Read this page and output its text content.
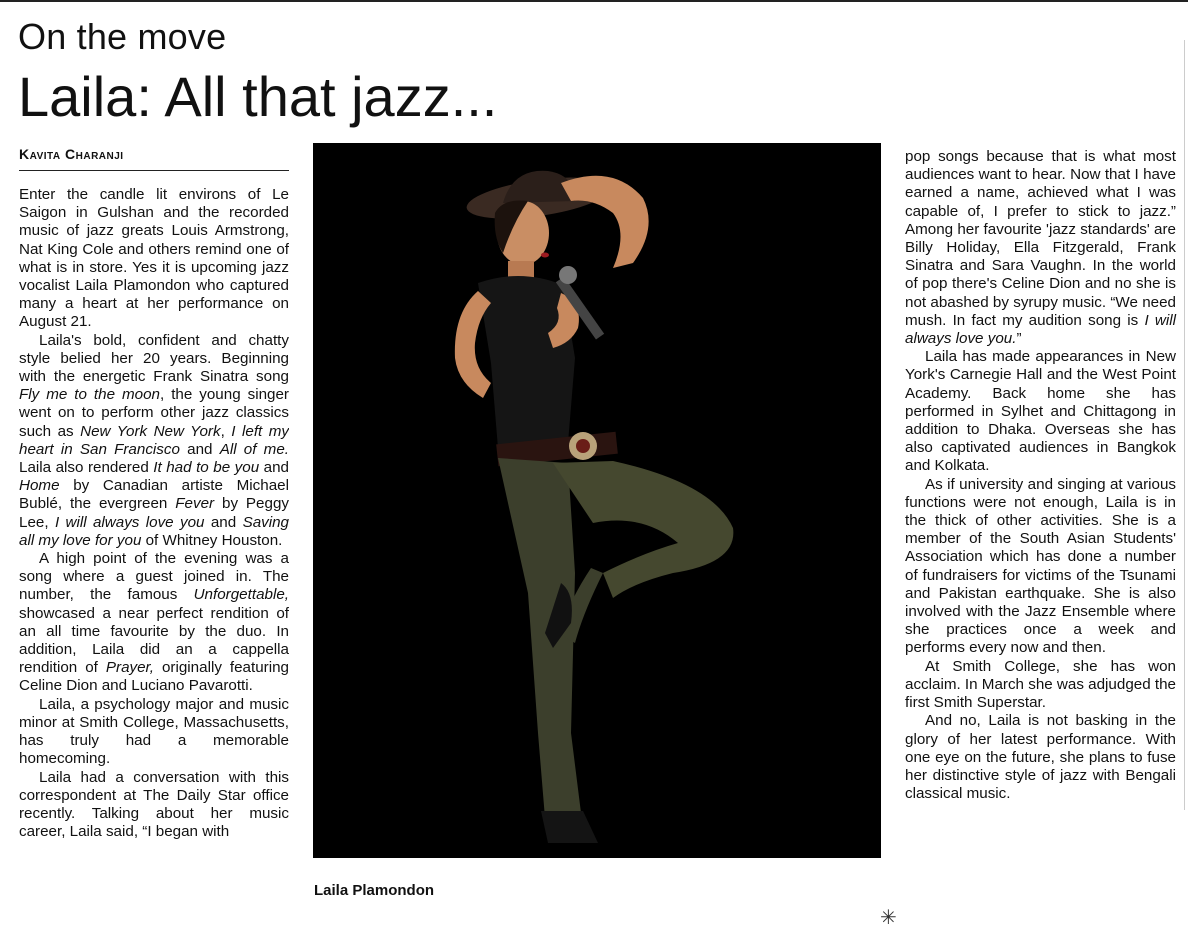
On the move
Laila: All that jazz...
Kavita Charanji

Enter the candle lit environs of Le Saigon in Gulshan and the recorded music of jazz greats Louis Armstrong, Nat King Cole and others remind one of what is in store. Yes it is upcoming jazz vocalist Laila Plamondon who captured many a heart at her performance on August 21.

Laila's bold, confident and chatty style belied her 20 years. Beginning with the energetic Frank Sinatra song Fly me to the moon, the young singer went on to perform other jazz classics such as New York New York, I left my heart in San Francisco and All of me. Laila also rendered It had to be you and Home by Canadian artiste Michael Bublé, the evergreen Fever by Peggy Lee, I will always love you and Saving all my love for you of Whitney Houston.

A high point of the evening was a song where a guest joined in. The number, the famous Unforgettable, showcased a near perfect rendition of an all time favourite by the duo. In addition, Laila did an a cappella rendition of Prayer, originally featuring Celine Dion and Luciano Pavarotti.

Laila, a psychology major and music minor at Smith College, Massachusetts, has truly had a memorable homecoming.

Laila had a conversation with this correspondent at The Daily Star office recently. Talking about her music career, Laila said, “I began with

Laila Plamondon

pop songs because that is what most audiences want to hear. Now that I have earned a name, achieved what I was capable of, I prefer to stick to jazz.” Among her favourite 'jazz standards' are Billy Holiday, Ella Fitzgerald, Frank Sinatra and Sara Vaughn. In the world of pop there's Celine Dion and no she is not abashed by syrupy music. “We need mush. In fact my audition song is I will always love you.”

Laila has made appearances in New York's Carnegie Hall and the West Point Academy. Back home she has performed in Sylhet and Chittagong in addition to Dhaka. Overseas she has also captivated audiences in Bangkok and Kolkata.

As if university and singing at various functions were not enough, Laila is in the thick of other activities. She is a member of the South Asian Students' Association which has done a number of fundraisers for victims of the Tsunami and Pakistan earthquake. She is also involved with the Jazz Ensemble where she practices once a week and performs every now and then.

At Smith College, she has won acclaim. In March she was adjudged the first Smith Superstar.

And no, Laila is not basking in the glory of her latest performance. With one eye on the future, she plans to fuse her distinctive style of jazz with Bengali classical music.

✳
